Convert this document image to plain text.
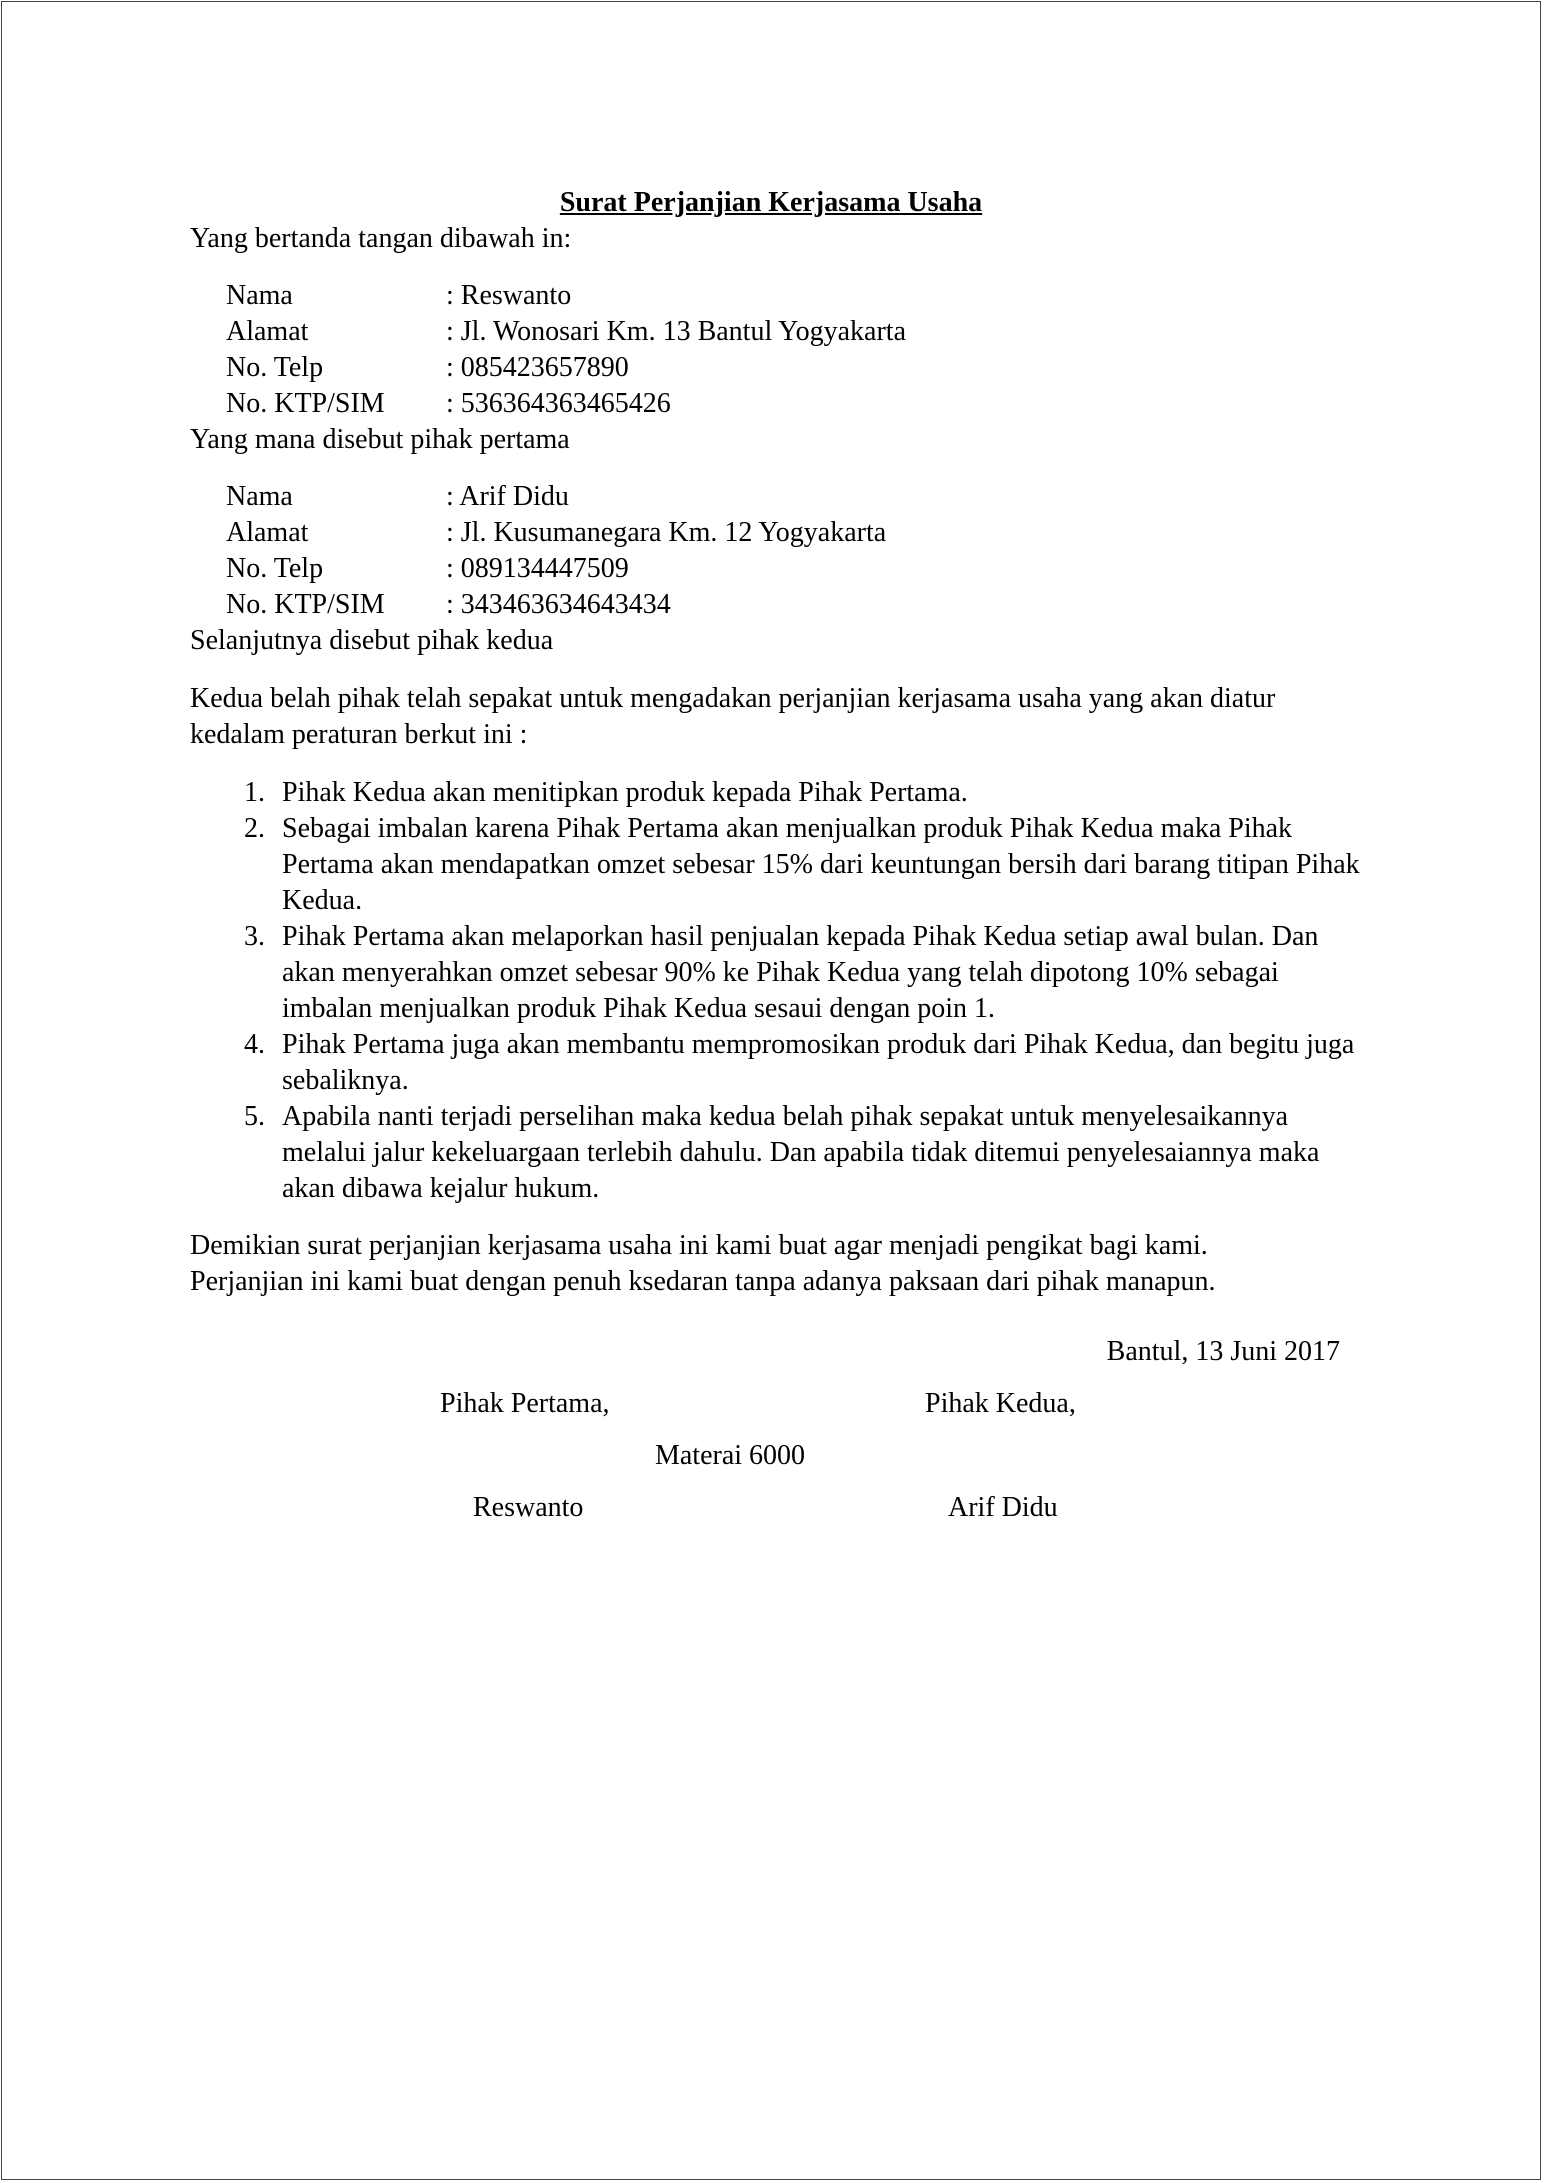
Surat Perjanjian Kerjasama Usaha

Yang bertanda tangan dibawah in:

Nama	: Reswanto
Alamat	: Jl. Wonosari Km. 13 Bantul Yogyakarta
No. Telp	: 085423657890
No. KTP/SIM	: 536364363465426

Yang mana disebut pihak pertama

Nama	: Arif Didu
Alamat	: Jl. Kusumanegara Km. 12 Yogyakarta
No. Telp	: 089134447509
No. KTP/SIM	: 343463634643434

Selanjutnya disebut pihak kedua

Kedua belah pihak telah sepakat untuk mengadakan perjanjian kerjasama usaha yang akan diatur kedalam peraturan berkut ini :

1. Pihak Kedua akan menitipkan produk kepada Pihak Pertama.
2. Sebagai imbalan karena Pihak Pertama akan menjualkan produk Pihak Kedua maka Pihak Pertama akan mendapatkan omzet sebesar 15% dari keuntungan bersih dari barang titipan Pihak Kedua.
3. Pihak Pertama akan melaporkan hasil penjualan kepada Pihak Kedua setiap awal bulan. Dan akan menyerahkan omzet sebesar 90% ke Pihak Kedua yang telah dipotong 10% sebagai imbalan menjualkan produk Pihak Kedua sesaui dengan poin 1.
4. Pihak Pertama juga akan membantu mempromosikan produk dari Pihak Kedua, dan begitu juga sebaliknya.
5. Apabila nanti terjadi perselihan maka kedua belah pihak sepakat untuk menyelesaikannya melalui jalur kekeluargaan terlebih dahulu. Dan apabila tidak ditemui penyelesaiannya maka akan dibawa kejalur hukum.

Demikian surat perjanjian kerjasama usaha ini kami buat agar menjadi pengikat bagi kami.

Perjanjian ini kami buat dengan penuh ksedaran tanpa adanya paksaan dari pihak manapun.

Bantul, 13 Juni 2017

Pihak Pertama,	Pihak Kedua,

Materai 6000

Reswanto	Arif Didu
